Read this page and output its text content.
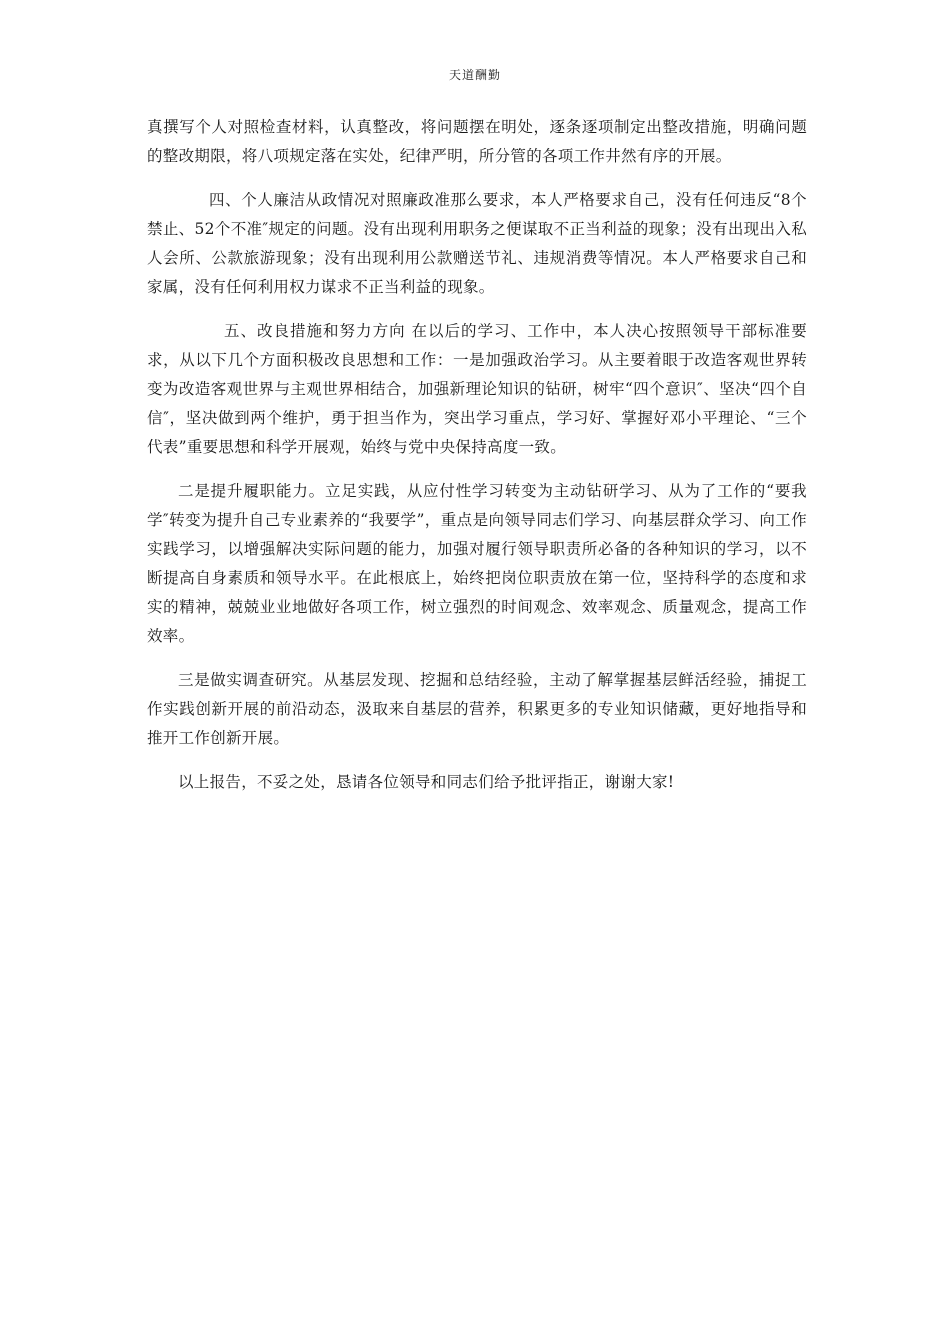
天道酬勤

真撰写个人对照检查材料，认真整改，将问题摆在明处，逐条逐项制定出整改措施，明确问题的整改期限，将八项规定落在实处，纪律严明，所分管的各项工作井然有序的开展。

四、个人廉洁从政情况对照廉政准那么要求，本人严格要求自己，没有任何违反“8个禁止、52个不准″规定的问题。没有出现利用职务之便谋取不正当利益的现象；没有出现出入私人会所、公款旅游现象；没有出现利用公款赠送节礼、违规消费等情况。本人严格要求自己和家属，没有任何利用权力谋求不正当利益的现象。

五、改良措施和努力方向 在以后的学习、工作中，本人决心按照领导干部标准要求，从以下几个方面积极改良思想和工作：一是加强政治学习。从主要着眼于改造客观世界转变为改造客观世界与主观世界相结合，加强新理论知识的钻研，树牢“四个意识″、坚决“四个自信″，坚决做到两个维护，勇于担当作为，突出学习重点，学习好、掌握好邓小平理论、“三个代表”重要思想和科学开展观，始终与党中央保持高度一致。

二是提升履职能力。立足实践，从应付性学习转变为主动钻研学习、从为了工作的“要我学″转变为提升自己专业素养的“我要学”，重点是向领导同志们学习、向基层群众学习、向工作实践学习，以增强解决实际问题的能力，加强对履行领导职责所必备的各种知识的学习，以不断提高自身素质和领导水平。在此根底上，始终把岗位职责放在第一位，坚持科学的态度和求实的精神，兢兢业业地做好各项工作，树立强烈的时间观念、效率观念、质量观念，提高工作效率。

三是做实调查研究。从基层发现、挖掘和总结经验，主动了解掌握基层鲜活经验，捕捉工作实践创新开展的前沿动态，汲取来自基层的营养，积累更多的专业知识储藏，更好地指导和推开工作创新开展。

以上报告，不妥之处，恳请各位领导和同志们给予批评指正，谢谢大家!
